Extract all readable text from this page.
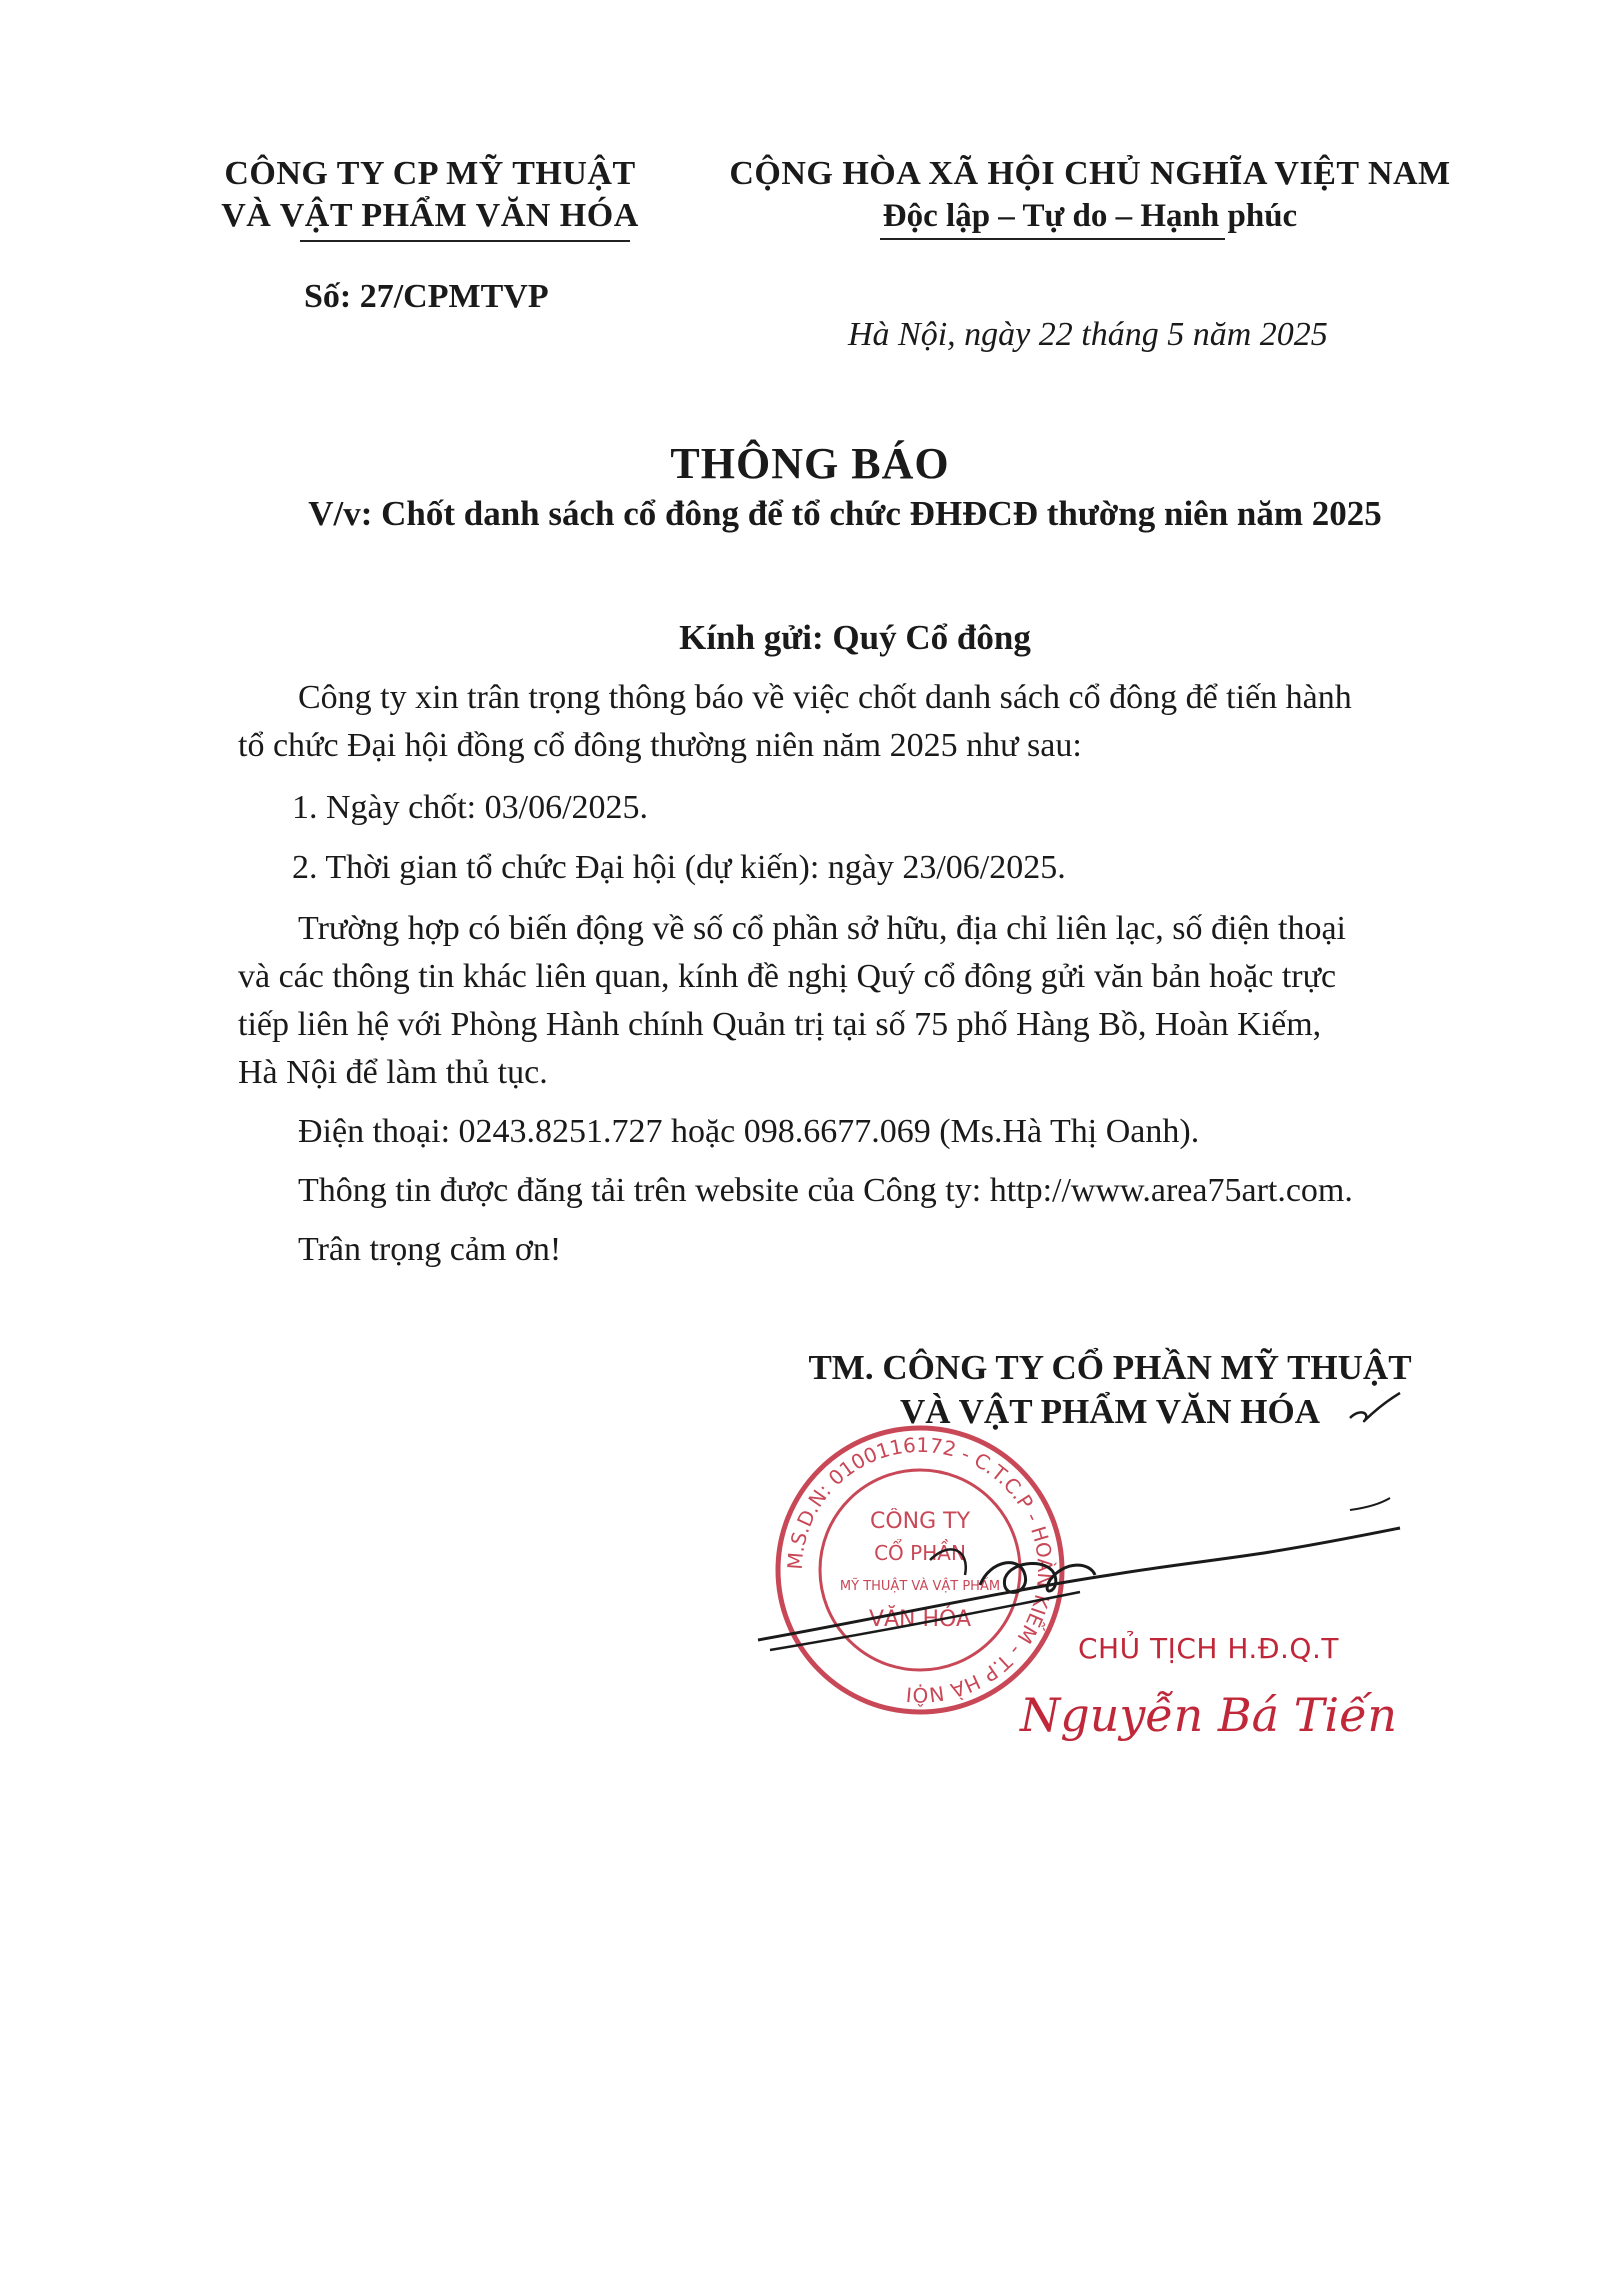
CÔNG TY CP MỸ THUẬT
VÀ VẬT PHẨM VĂN HÓA
CỘNG HÒA XÃ HỘI CHỦ NGHĨA VIỆT NAM
Độc lập – Tự do – Hạnh phúc
Số: 27/CPMTVP
Hà Nội, ngày 22 tháng 5 năm 2025
THÔNG BÁO
V/v: Chốt danh sách cổ đông để tổ chức ĐHĐCĐ thường niên năm 2025
Kính gửi: Quý Cổ đông
Công ty xin trân trọng thông báo về việc chốt danh sách cổ đông để tiến hành
tổ chức Đại hội đồng cổ đông thường niên năm 2025 như sau:
1. Ngày chốt: 03/06/2025.
2. Thời gian tổ chức Đại hội (dự kiến): ngày 23/06/2025.
Trường hợp có biến động về số cổ phần sở hữu, địa chỉ liên lạc, số điện thoại
và các thông tin khác liên quan, kính đề nghị Quý cổ đông gửi văn bản hoặc trực
tiếp liên hệ với Phòng Hành chính Quản trị tại số 75 phố Hàng Bồ, Hoàn Kiếm,
Hà Nội để làm thủ tục.
Điện thoại: 0243.8251.727 hoặc 098.6677.069 (Ms.Hà Thị Oanh).
Thông tin được đăng tải trên website của Công ty: http://www.area75art.com.
Trân trọng cảm ơn!
TM. CÔNG TY CỔ PHẦN MỸ THUẬT
VÀ VẬT PHẨM VĂN HÓA
M.S.D.N: 0100116172 - C.T.C.P - HOÀN KIẾM - T.P HÀ NỘI
CÔNG TY
CỔ PHẦN
MỸ THUẬT VÀ VẬT PHẨM
VĂN HÓA
CHỦ TỊCH H.Đ.Q.T
Nguyễn Bá Tiến
